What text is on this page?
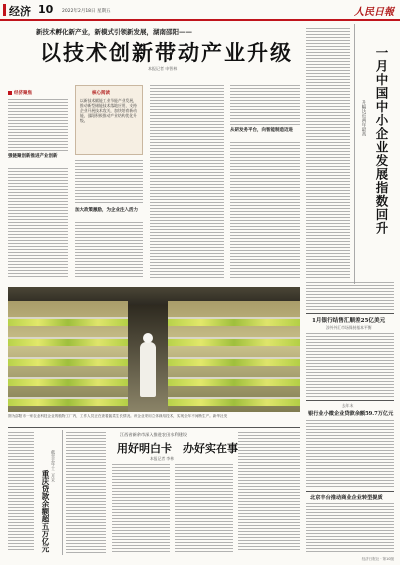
经济 10 2022年2月18日 星期五	人民日報
新技术孵化新产业，新模式引领新发展，湖南邵阳——
以技术创新带动产业升级
本报记者 申智林
经济聚焦
强链聚创新推进产业创新
核心阅读
以新技术赋能工业节能产业发展，推动新型储能技术落地应用，支持企业开展技术攻关，加快培育新动能，邵阳积极推动产业结构优化升级。
加大政策激励，为企业注入活力
从研发务平台，向智能制造迈进
图为邵阳市一家农业科技企业的植物工厂内，工作人员正在查看蔬菜生长情况。该企业采用立体栽培技术，实现全年不间断生产。新华社发
一月中国中小企业发展指数回升
升幅达近两年最高
1月银行结售汇顺差25亿美元
涉外外汇市场保持基本平衡
去年末
银行业小微企业贷款余额59.7万亿元
北京丰台推动商业企业转型提质
重庆贷款余额超五万亿元
截至去年十二月末
江西省新余市深入推进农田水利建设
用好明白卡　办好实在事
本报记者 李林
经济日报社 · 第10版
